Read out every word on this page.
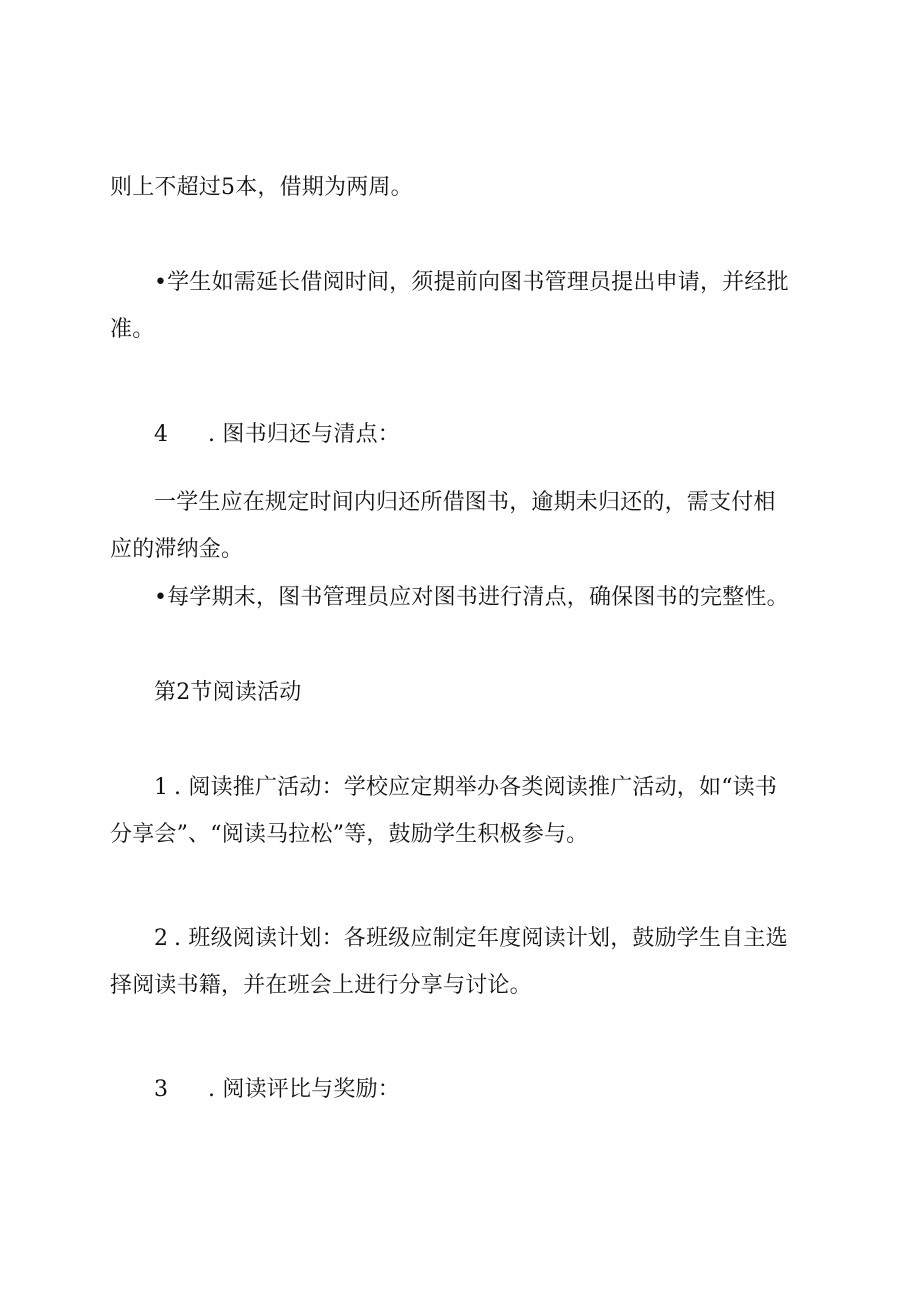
则上不超过5本，借期为两周。
•学生如需延长借阅时间，须提前向图书管理员提出申请，并经批
准。
4 . 图书归还与清点：
一学生应在规定时间内归还所借图书，逾期未归还的，需支付相
应的滞纳金。
•每学期末，图书管理员应对图书进行清点，确保图书的完整性。
第2节阅读活动
1 . 阅读推广活动：学校应定期举办各类阅读推广活动，如“读书
分享会”、“阅读马拉松”等，鼓励学生积极参与。
2 . 班级阅读计划：各班级应制定年度阅读计划，鼓励学生自主选
择阅读书籍，并在班会上进行分享与讨论。
3 . 阅读评比与奖励：
